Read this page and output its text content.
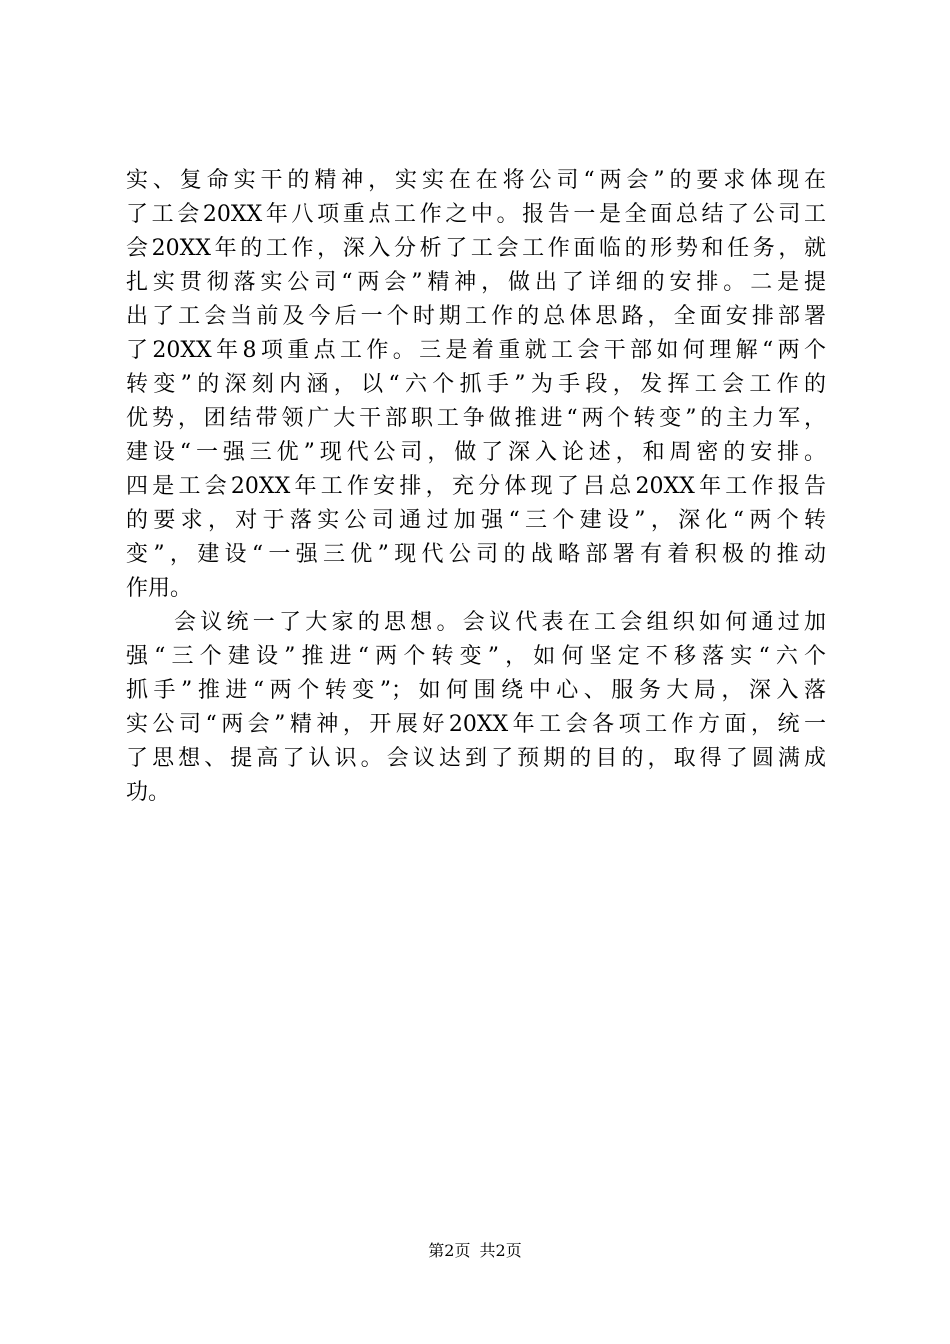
实、复命实干的精神，实实在在将公司“两会”的要求体现在
了工会20XX年八项重点工作之中。报告一是全面总结了公司工
会20XX年的工作，深入分析了工会工作面临的形势和任务，就
扎实贯彻落实公司“两会”精神，做出了详细的安排。二是提
出了工会当前及今后一个时期工作的总体思路，全面安排部署
了20XX年8项重点工作。三是着重就工会干部如何理解“两个
转变”的深刻内涵，以“六个抓手”为手段，发挥工会工作的
优势，团结带领广大干部职工争做推进“两个转变”的主力军，
建设“一强三优”现代公司，做了深入论述，和周密的安排。
四是工会20XX年工作安排，充分体现了吕总20XX年工作报告
的要求，对于落实公司通过加强“三个建设”，深化“两个转
变”，建设“一强三优”现代公司的战略部署有着积极的推动
作用。
会议统一了大家的思想。会议代表在工会组织如何通过加
强“三个建设”推进“两个转变”，如何坚定不移落实“六个
抓手”推进“两个转变”；如何围绕中心、服务大局，深入落
实公司“两会”精神，开展好20XX年工会各项工作方面，统一
了思想、提高了认识。会议达到了预期的目的，取得了圆满成
功。
第2页 共2页
